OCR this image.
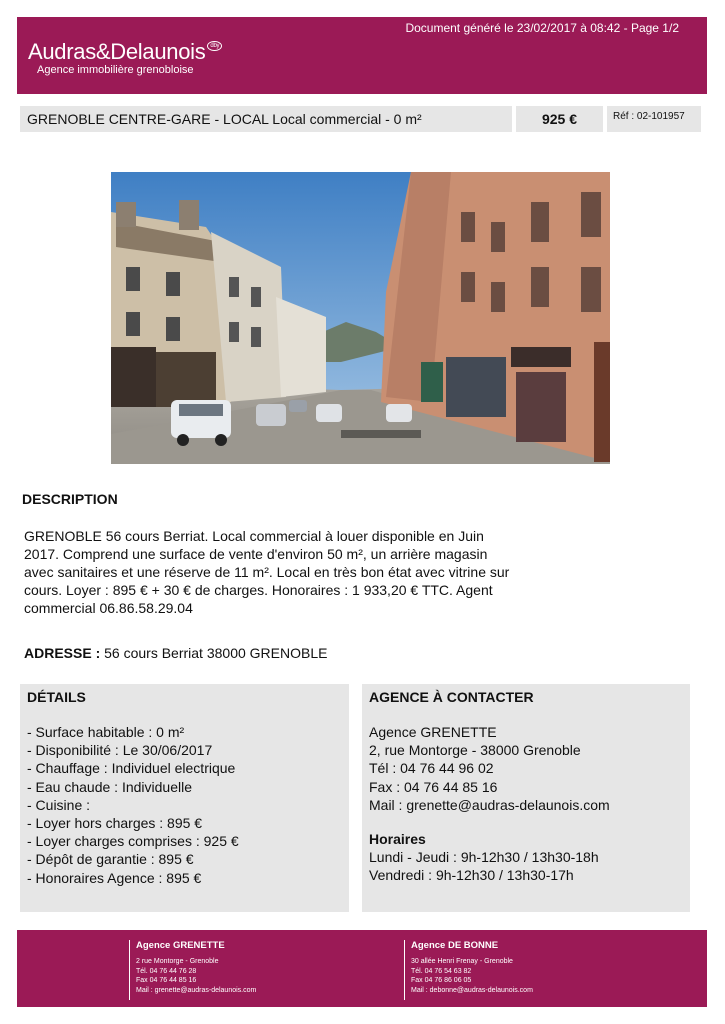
Document généré le 23/02/2017 à 08:42 - Page 1/2
Audras&Delaunois dby
Agence immobilière grenobloise
GRENOBLE CENTRE-GARE - LOCAL Local commercial - 0 m²	925 €	Réf : 02-101957
DESCRIPTION
GRENOBLE 56 cours Berriat. Local commercial à louer disponible en Juin 2017. Comprend une surface de vente d'environ 50 m², un arrière magasin avec sanitaires et une réserve de 11 m². Local en très bon état avec vitrine sur cours. Loyer : 895 € + 30 € de charges. Honoraires : 1 933,20 € TTC. Agent commercial 06.86.58.29.04
ADRESSE : 56 cours Berriat 38000 GRENOBLE
DÉTAILS
- Surface habitable : 0 m²
- Disponibilité : Le 30/06/2017
- Chauffage : Individuel electrique
- Eau chaude : Individuelle
- Cuisine :
- Loyer hors charges : 895 €
- Loyer charges comprises : 925 €
- Dépôt de garantie : 895 €
- Honoraires Agence : 895 €
AGENCE À CONTACTER
Agence GRENETTE
2, rue Montorge - 38000 Grenoble
Tél : 04 76 44 96 02
Fax : 04 76 44 85 16
Mail : grenette@audras-delaunois.com
Horaires
Lundi - Jeudi : 9h-12h30 / 13h30-18h
Vendredi : 9h-12h30 / 13h30-17h
Agence GRENETTE
2 rue Montorge - Grenoble
Tél. 04 76 44 76 28
Fax 04 76 44 85 16
Mail : grenette@audras-delaunois.com
Agence DE BONNE
30 allée Henri Frenay - Grenoble
Tél. 04 76 54 63 82
Fax 04 76 86 06 05
Mail : debonne@audras-delaunois.com
